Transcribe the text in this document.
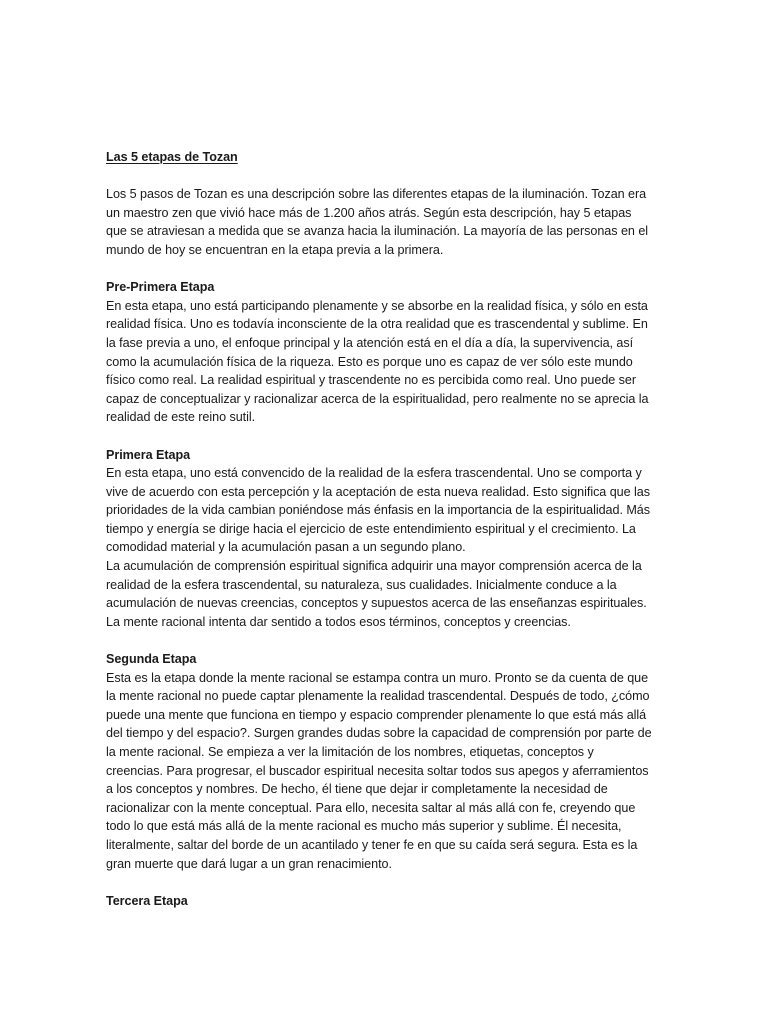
Las 5 etapas de Tozan

Los 5 pasos de Tozan es una descripción sobre las diferentes etapas de la iluminación. Tozan era un maestro zen que vivió hace más de 1.200 años atrás. Según esta descripción, hay 5 etapas que se atraviesan a medida que se avanza hacia la iluminación. La mayoría de las personas en el mundo de hoy se encuentran en la etapa previa a la primera.

Pre-Primera Etapa

En esta etapa, uno está participando plenamente y se absorbe en la realidad física, y sólo en esta realidad física. Uno es todavía inconsciente de la otra realidad que es trascendental y sublime. En la fase previa a uno, el enfoque principal y la atención está en el día a día, la supervivencia, así como la acumulación física de la riqueza. Esto es porque uno es capaz de ver sólo este mundo físico como real. La realidad espiritual y trascendente no es percibida como real. Uno puede ser capaz de conceptualizar y racionalizar acerca de la espiritualidad, pero realmente no se aprecia la realidad de este reino sutil.

Primera Etapa

En esta etapa, uno está convencido de la realidad de la esfera trascendental. Uno se comporta y vive de acuerdo con esta percepción y la aceptación de esta nueva realidad. Esto significa que las prioridades de la vida cambian poniéndose más énfasis en la importancia de la espiritualidad. Más tiempo y energía se dirige hacia el ejercicio de este entendimiento espiritual y el crecimiento. La comodidad material y la acumulación pasan a un segundo plano.

La acumulación de comprensión espiritual significa adquirir una mayor comprensión acerca de la realidad de la esfera trascendental, su naturaleza, sus cualidades. Inicialmente conduce a la acumulación de nuevas creencias, conceptos y supuestos acerca de las enseñanzas espirituales. La mente racional intenta dar sentido a todos esos términos, conceptos y creencias.

Segunda Etapa

Esta es la etapa donde la mente racional se estampa contra un muro. Pronto se da cuenta de que la mente racional no puede captar plenamente la realidad trascendental. Después de todo, ¿cómo puede una mente que funciona en tiempo y espacio comprender plenamente lo que está más allá del tiempo y del espacio?. Surgen grandes dudas sobre la capacidad de comprensión por parte de la mente racional. Se empieza a ver la limitación de los nombres, etiquetas, conceptos y creencias. Para progresar, el buscador espiritual necesita soltar todos sus apegos y aferramientos a los conceptos y nombres. De hecho, él tiene que dejar ir completamente la necesidad de racionalizar con la mente conceptual. Para ello, necesita saltar al más allá con fe, creyendo que todo lo que está más allá de la mente racional es mucho más superior y sublime. Él necesita, literalmente, saltar del borde de un acantilado y tener fe en que su caída será segura. Esta es la gran muerte que dará lugar a un gran renacimiento.

Tercera Etapa
